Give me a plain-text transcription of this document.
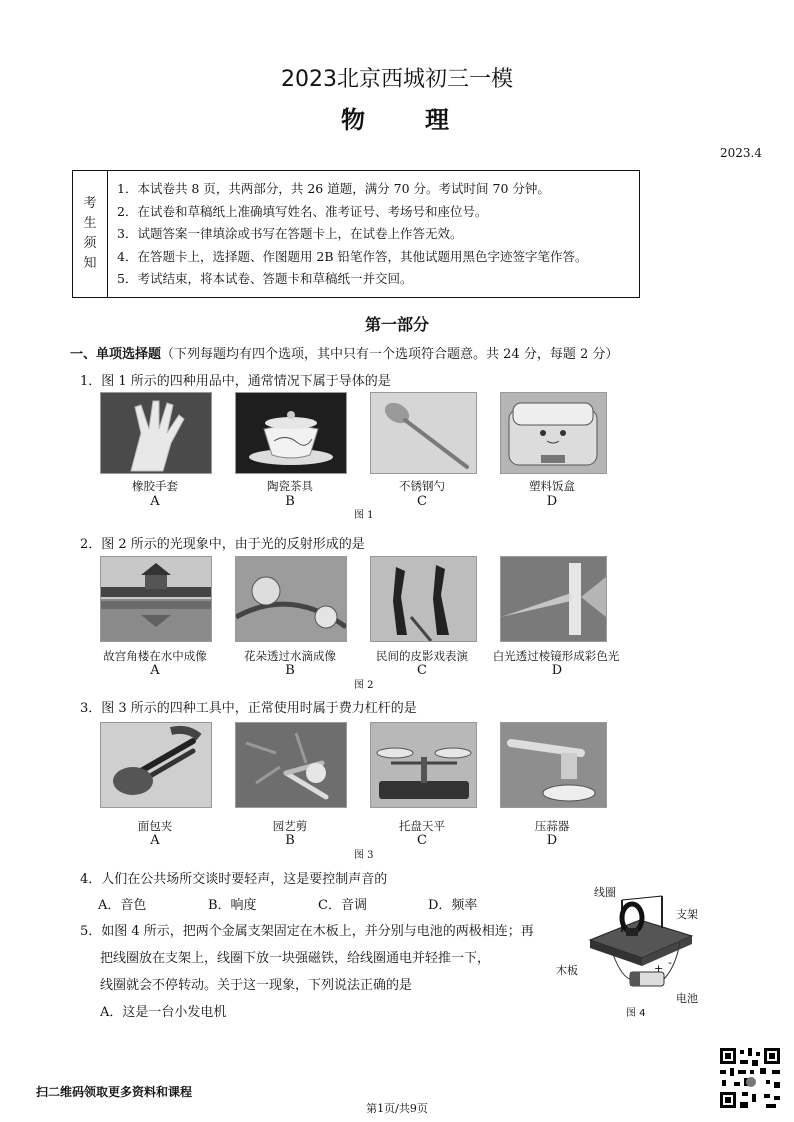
2023北京西城初三一模
物　　理
2023.4
考
生
须
知
1．本试卷共 8 页，共两部分，共 26 道题，满分 70 分。考试时间 70 分钟。
2．在试卷和草稿纸上准确填写姓名、准考证号、考场号和座位号。
3．试题答案一律填涂或书写在答题卡上，在试卷上作答无效。
4．在答题卡上，选择题、作图题用 2B 铅笔作答，其他试题用黑色字迹签字笔作答。
5．考试结束，将本试卷、答题卡和草稿纸一并交回。
第一部分
一、单项选择题（下列每题均有四个选项，其中只有一个选项符合题意。共 24 分，每题 2 分）
1．图 1 所示的四种用品中，通常情况下属于导体的是
橡胶手套	陶瓷茶具	不锈钢勺	塑料饭盒
A	B	C	D
图 1
2．图 2 所示的光现象中，由于光的反射形成的是
故宫角楼在水中成像	花朵透过水滴成像	民间的皮影戏表演	白光透过棱镜形成彩色光
A	B	C	D
图 2
3．图 3 所示的四种工具中，正常使用时属于费力杠杆的是
面包夹	园艺剪	托盘天平	压蒜器
A	B	C	D
图 3
4．人们在公共场所交谈时要轻声，这是要控制声音的
A．音色	B．响度	C．音调	D．频率
5．如图 4 所示，把两个金属支架固定在木板上，并分别与电池的两极相连；再
把线圈放在支架上，线圈下放一块强磁铁，给线圈通电并轻推一下，
线圈就会不停转动。关于这一现象，下列说法正确的是
A．这是一台小发电机
线圈
支架
木板
电池
+ -
图 4
扫二维码领取更多资料和课程
第1页/共9页
